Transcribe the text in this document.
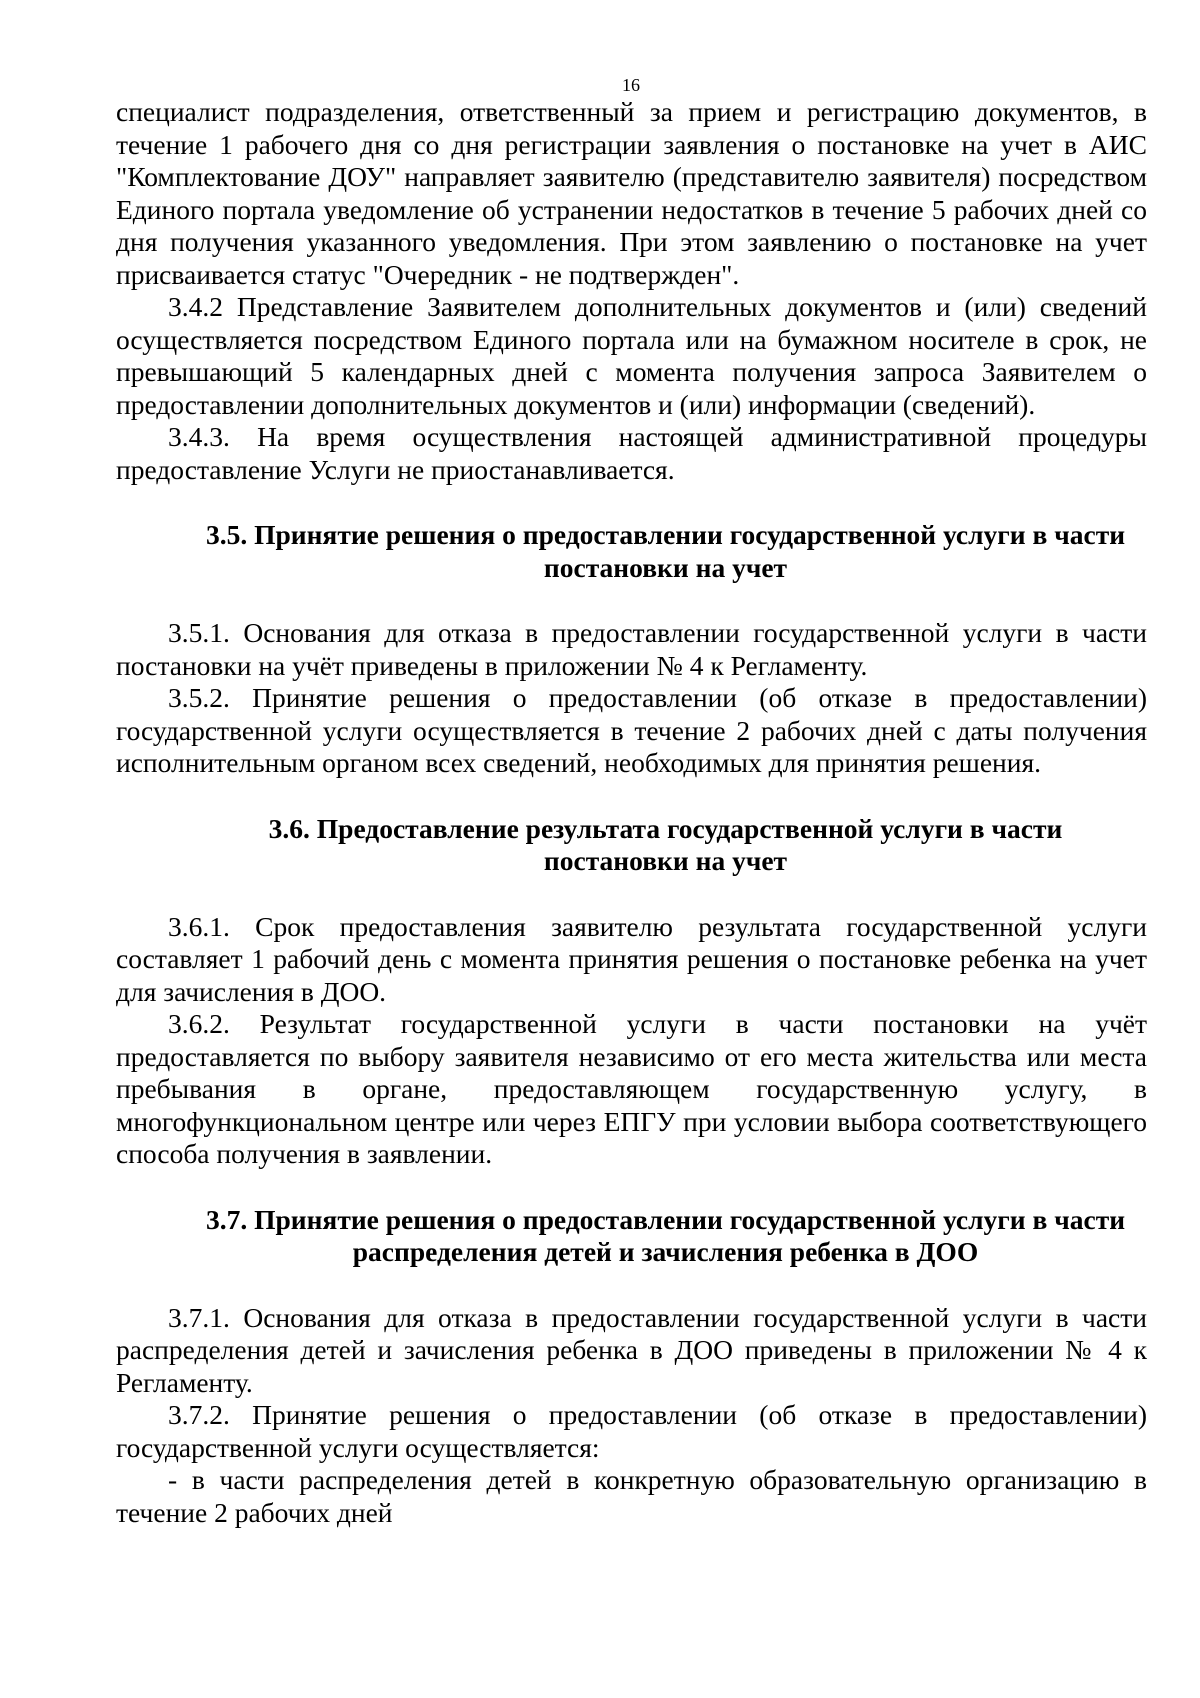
16

специалист подразделения, ответственный за прием и регистрацию документов, в течение 1 рабочего дня со дня регистрации заявления о постановке на учет в АИС "Комплектование ДОУ" направляет заявителю (представителю заявителя) посредством Единого портала уведомление об устранении недостатков в течение 5 рабочих дней со дня получения указанного уведомления. При этом заявлению о постановке на учет присваивается статус "Очередник - не подтвержден".

3.4.2 Представление Заявителем дополнительных документов и (или) сведений осуществляется посредством Единого портала или на бумажном носителе в срок, не превышающий 5 календарных дней с момента получения запроса Заявителем о предоставлении дополнительных документов и (или) информации (сведений).

3.4.3. На время осуществления настоящей административной процедуры предоставление Услуги не приостанавливается.

3.5. Принятие решения о предоставлении государственной услуги в части
постановки на учет

3.5.1. Основания для отказа в предоставлении государственной услуги в части постановки на учёт приведены в приложении № 4 к Регламенту.

3.5.2. Принятие решения о предоставлении (об отказе в предоставлении) государственной услуги осуществляется в течение 2 рабочих дней с даты получения исполнительным органом всех сведений, необходимых для принятия решения.

3.6. Предоставление результата государственной услуги в части
постановки на учет

3.6.1. Срок предоставления заявителю результата государственной услуги составляет 1 рабочий день с момента принятия решения о постановке ребенка на учет для зачисления в ДОО.

3.6.2. Результат государственной услуги в части постановки на учёт предоставляется по выбору заявителя независимо от его места жительства или места пребывания в органе, предоставляющем государственную услугу, в многофункциональном центре или через ЕПГУ при условии выбора соответствующего способа получения в заявлении.

3.7. Принятие решения о предоставлении государственной услуги в части
распределения детей и зачисления ребенка в ДОО

3.7.1. Основания для отказа в предоставлении государственной услуги в части распределения детей и зачисления ребенка в ДОО приведены в приложении № 4 к Регламенту.

3.7.2. Принятие решения о предоставлении (об отказе в предоставлении) государственной услуги осуществляется:

- в части распределения детей в конкретную образовательную организацию в течение 2 рабочих дней
